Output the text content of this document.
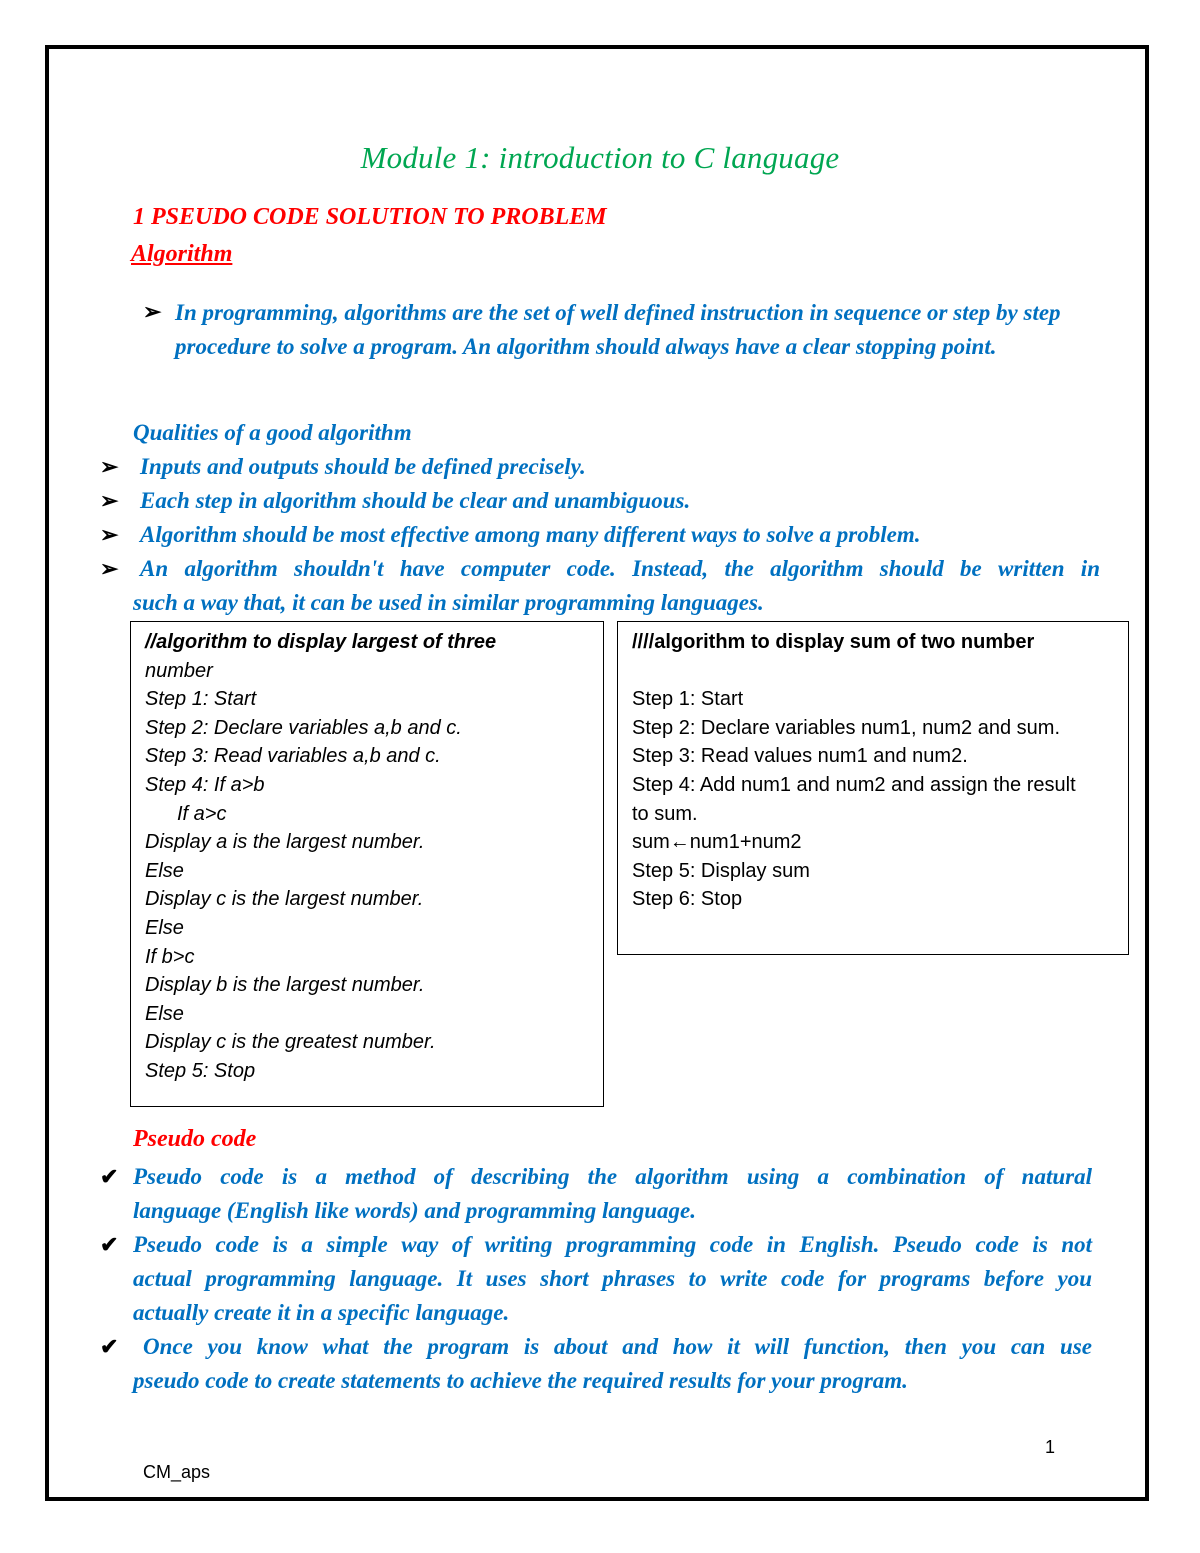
Module 1: introduction to C language
1 PSEUDO CODE SOLUTION TO PROBLEM
Algorithm
➢ In programming, algorithms are the set of well defined instruction in sequence or step by step procedure to solve a program. An algorithm should always have a clear stopping point.
Qualities of a good algorithm
➢ Inputs and outputs should be defined precisely.
➢ Each step in algorithm should be clear and unambiguous.
➢ Algorithm should be most effective among many different ways to solve a problem.
➢ An algorithm shouldn't have computer code. Instead, the algorithm should be written in
such a way that, it can be used in similar programming languages.
//algorithm to display largest of three
number
Step 1: Start
Step 2: Declare variables a,b and c.
Step 3: Read variables a,b and c.
Step 4: If a>b
If a>c
Display a is the largest number.
Else
Display c is the largest number.
Else
If b>c
Display b is the largest number.
Else
Display c is the greatest number.
Step 5: Stop
////algorithm to display sum of two number

Step 1: Start
Step 2: Declare variables num1, num2 and sum.
Step 3: Read values num1 and num2.
Step 4: Add num1 and num2 and assign the result
to sum.
sum←num1+num2
Step 5: Display sum
Step 6: Stop
Pseudo code
✔ Pseudo code is a method of describing the algorithm using a combination of natural
language (English like words) and programming language.
✔ Pseudo code is a simple way of writing programming code in English. Pseudo code is not
actual programming language. It uses short phrases to write code for programs before you
actually create it in a specific language.
✔	Once you know what the program is about and how it will function, then you can use
pseudo code to create statements to achieve the required results for your program.
1
CM_aps
